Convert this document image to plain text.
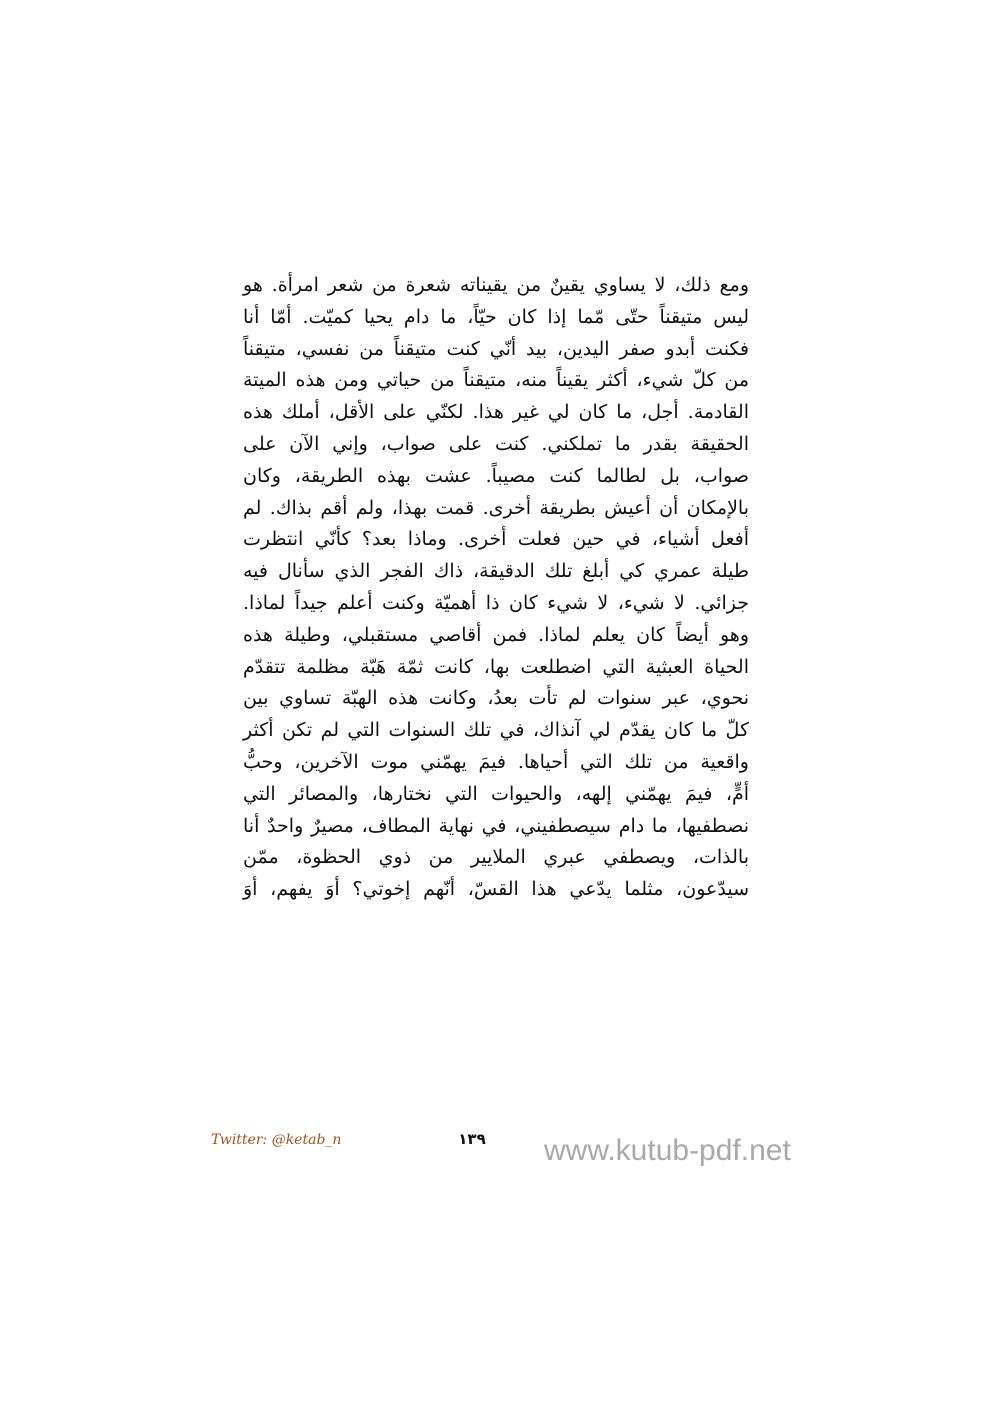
ومع ذلك، لا يساوي يقينٌ من يقيناته شعرة من شعر امرأة. هو
ليس متيقناً حتّى مّما إذا كان حيّاً، ما دام يحيا كميّت. أمّا أنا
فكنت أبدو صفر اليدين، بيد أنّي كنت متيقناً من نفسي، متيقناً
من كلّ شيء، أكثر يقيناً منه، متيقناً من حياتي ومن هذه الميتة
القادمة. أجل، ما كان لي غير هذا. لكنّي على الأقل، أملك هذه
الحقيقة بقدر ما تملكني. كنت على صواب، وإني الآن على
صواب، بل لطالما كنت مصيباً. عشت بهذه الطريقة، وكان
بالإمكان أن أعيش بطريقة أخرى. قمت بهذا، ولم أقم بذاك. لم
أفعل أشياء، في حين فعلت أخرى. وماذا بعد؟ كأنّي انتظرت
طيلة عمري كي أبلغ تلك الدقيقة، ذاك الفجر الذي سأنال فيه
جزائي. لا شيء، لا شيء كان ذا أهميّة وكنت أعلم جيداً لماذا.
وهو أيضاً كان يعلم لماذا. فمن أقاصي مستقبلي، وطيلة هذه
الحياة العبثية التي اضطلعت بها، كانت ثمّة هَبّة مظلمة تتقدّم
نحوي، عبر سنوات لم تأت بعدُ، وكانت هذه الهبّة تساوي بين
كلّ ما كان يقدّم لي آنذاك، في تلك السنوات التي لم تكن أكثر
واقعية من تلك التي أحياها. فيمَ يهمّني موت الآخرين، وحبُّ
أمٍّ، فيمَ يهمّني إلهه، والحيوات التي نختارها، والمصائر التي
نصطفيها، ما دام سيصطفيني، في نهاية المطاف، مصيرٌ واحدٌ أنا
بالذات، ويصطفي عبري الملايير من ذوي الحظوة، ممّن
سيدّعون، مثلما يدّعي هذا القسّ، أنّهم إخوتي؟ أوَ يفهم، أوَ
Twitter: @ketab_n	١٣٩ www.kutub-pdf.net
